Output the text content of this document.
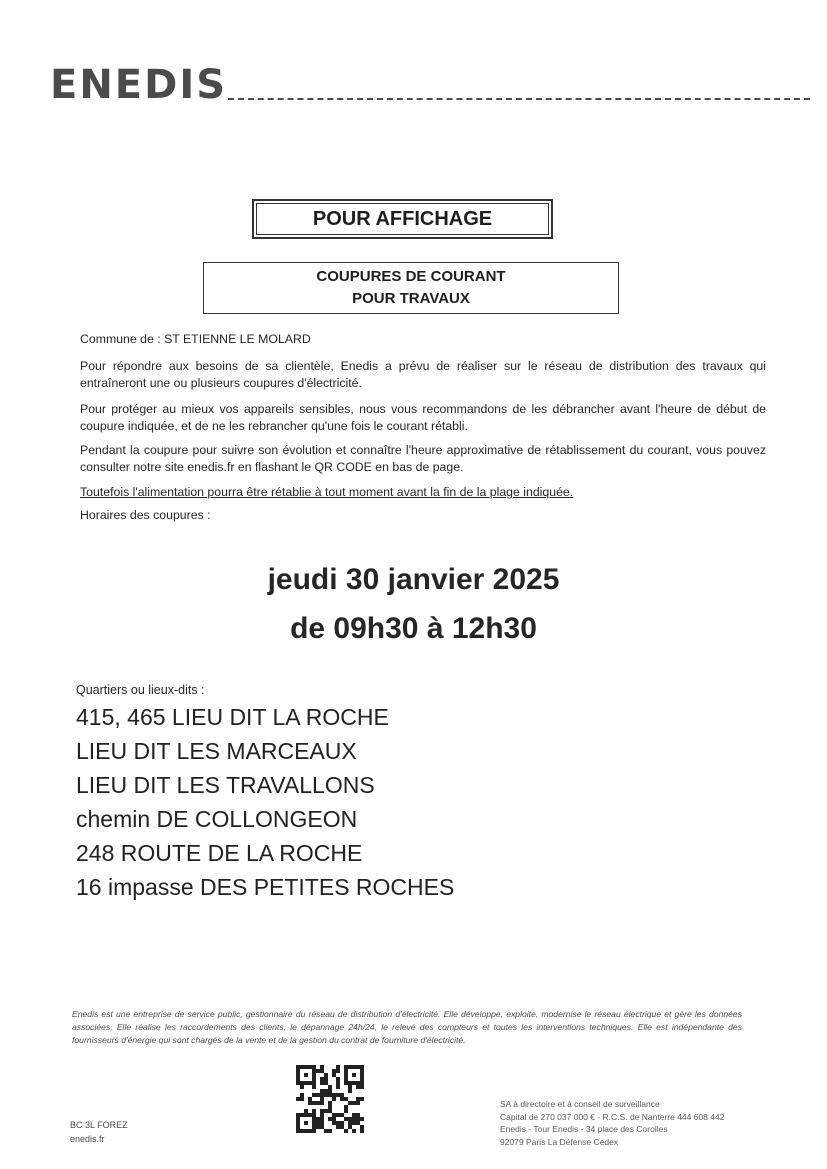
ENEDIS
POUR AFFICHAGE
COUPURES DE COURANT
POUR TRAVAUX
Commune de : ST ETIENNE LE MOLARD
Pour répondre aux besoins de sa clientèle, Enedis a prévu de réaliser sur le réseau de distribution des travaux qui entraîneront une ou plusieurs coupures d'électricité.
Pour protéger au mieux vos appareils sensibles, nous vous recommandons de les débrancher avant l'heure de début de coupure indiquée, et de ne les rebrancher qu'une fois le courant rétabli.
Pendant la coupure pour suivre son évolution et connaître l'heure approximative de rétablissement du courant, vous pouvez consulter notre site enedis.fr en flashant le QR CODE en bas de page.
Toutefois l'alimentation pourra être rétablie à tout moment avant la fin de la plage indiquée.
Horaires des coupures :
jeudi 30 janvier 2025
de 09h30 à 12h30
Quartiers ou lieux-dits :
415, 465 LIEU DIT LA ROCHE
LIEU DIT LES MARCEAUX
LIEU DIT LES TRAVALLONS
chemin DE COLLONGEON
248 ROUTE DE LA ROCHE
16 impasse DES PETITES ROCHES
Enedis est une entreprise de service public, gestionnaire du réseau de distribution d'électricité. Elle développe, exploite, modernise le réseau électrique et gère les données associées. Elle réalise les raccordements des clients, le dépannage 24h/24, le relevé des compteurs et toutes les interventions techniques. Elle est indépendante des fournisseurs d'énergie qui sont chargés de la vente et de la gestion du contrat de fourniture d'électricité.
BC 3L FOREZ
enedis.fr
SA à directoire et à conseil de surveillance
Capital de 270 037 000 € - R.C.S. de Nanterre 444 608 442
Enedis - Tour Enedis - 34 place des Corolles
92079 Paris La Défense Cedex
